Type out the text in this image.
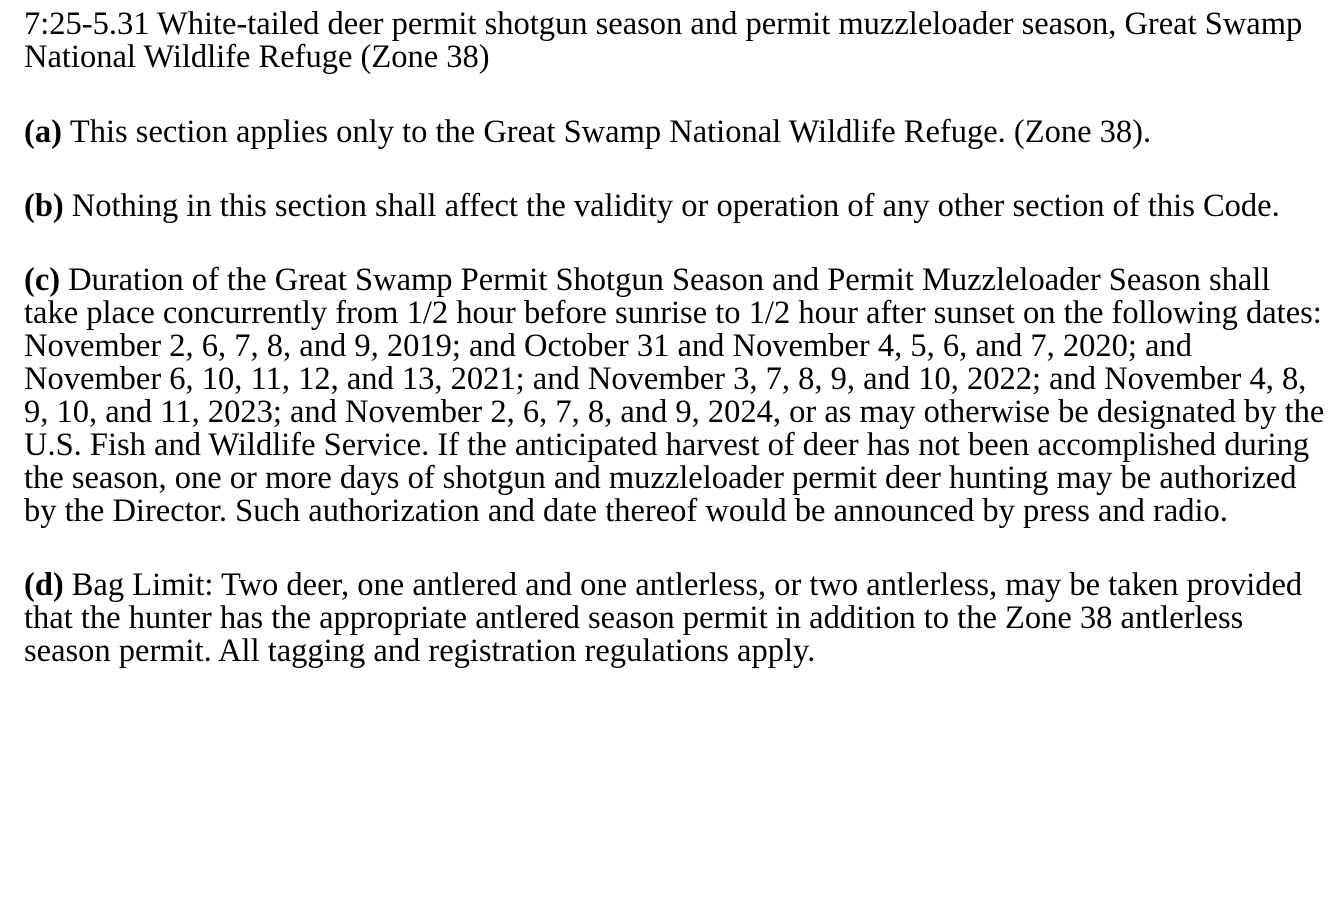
7:25-5.31 White-tailed deer permit shotgun season and permit muzzleloader season, Great Swamp National Wildlife Refuge (Zone 38)
(a) This section applies only to the Great Swamp National Wildlife Refuge. (Zone 38).
(b) Nothing in this section shall affect the validity or operation of any other section of this Code.
(c) Duration of the Great Swamp Permit Shotgun Season and Permit Muzzleloader Season shall take place concurrently from 1/2 hour before sunrise to 1/2 hour after sunset on the following dates: November 2, 6, 7, 8, and 9, 2019; and October 31 and November 4, 5, 6, and 7, 2020; and November 6, 10, 11, 12, and 13, 2021; and November 3, 7, 8, 9, and 10, 2022; and November 4, 8, 9, 10, and 11, 2023; and November 2, 6, 7, 8, and 9, 2024, or as may otherwise be designated by the U.S. Fish and Wildlife Service. If the anticipated harvest of deer has not been accomplished during the season, one or more days of shotgun and muzzleloader permit deer hunting may be authorized by the Director. Such authorization and date thereof would be announced by press and radio.
(d) Bag Limit: Two deer, one antlered and one antlerless, or two antlerless, may be taken provided that the hunter has the appropriate antlered season permit in addition to the Zone 38 antlerless season permit. All tagging and registration regulations apply.
